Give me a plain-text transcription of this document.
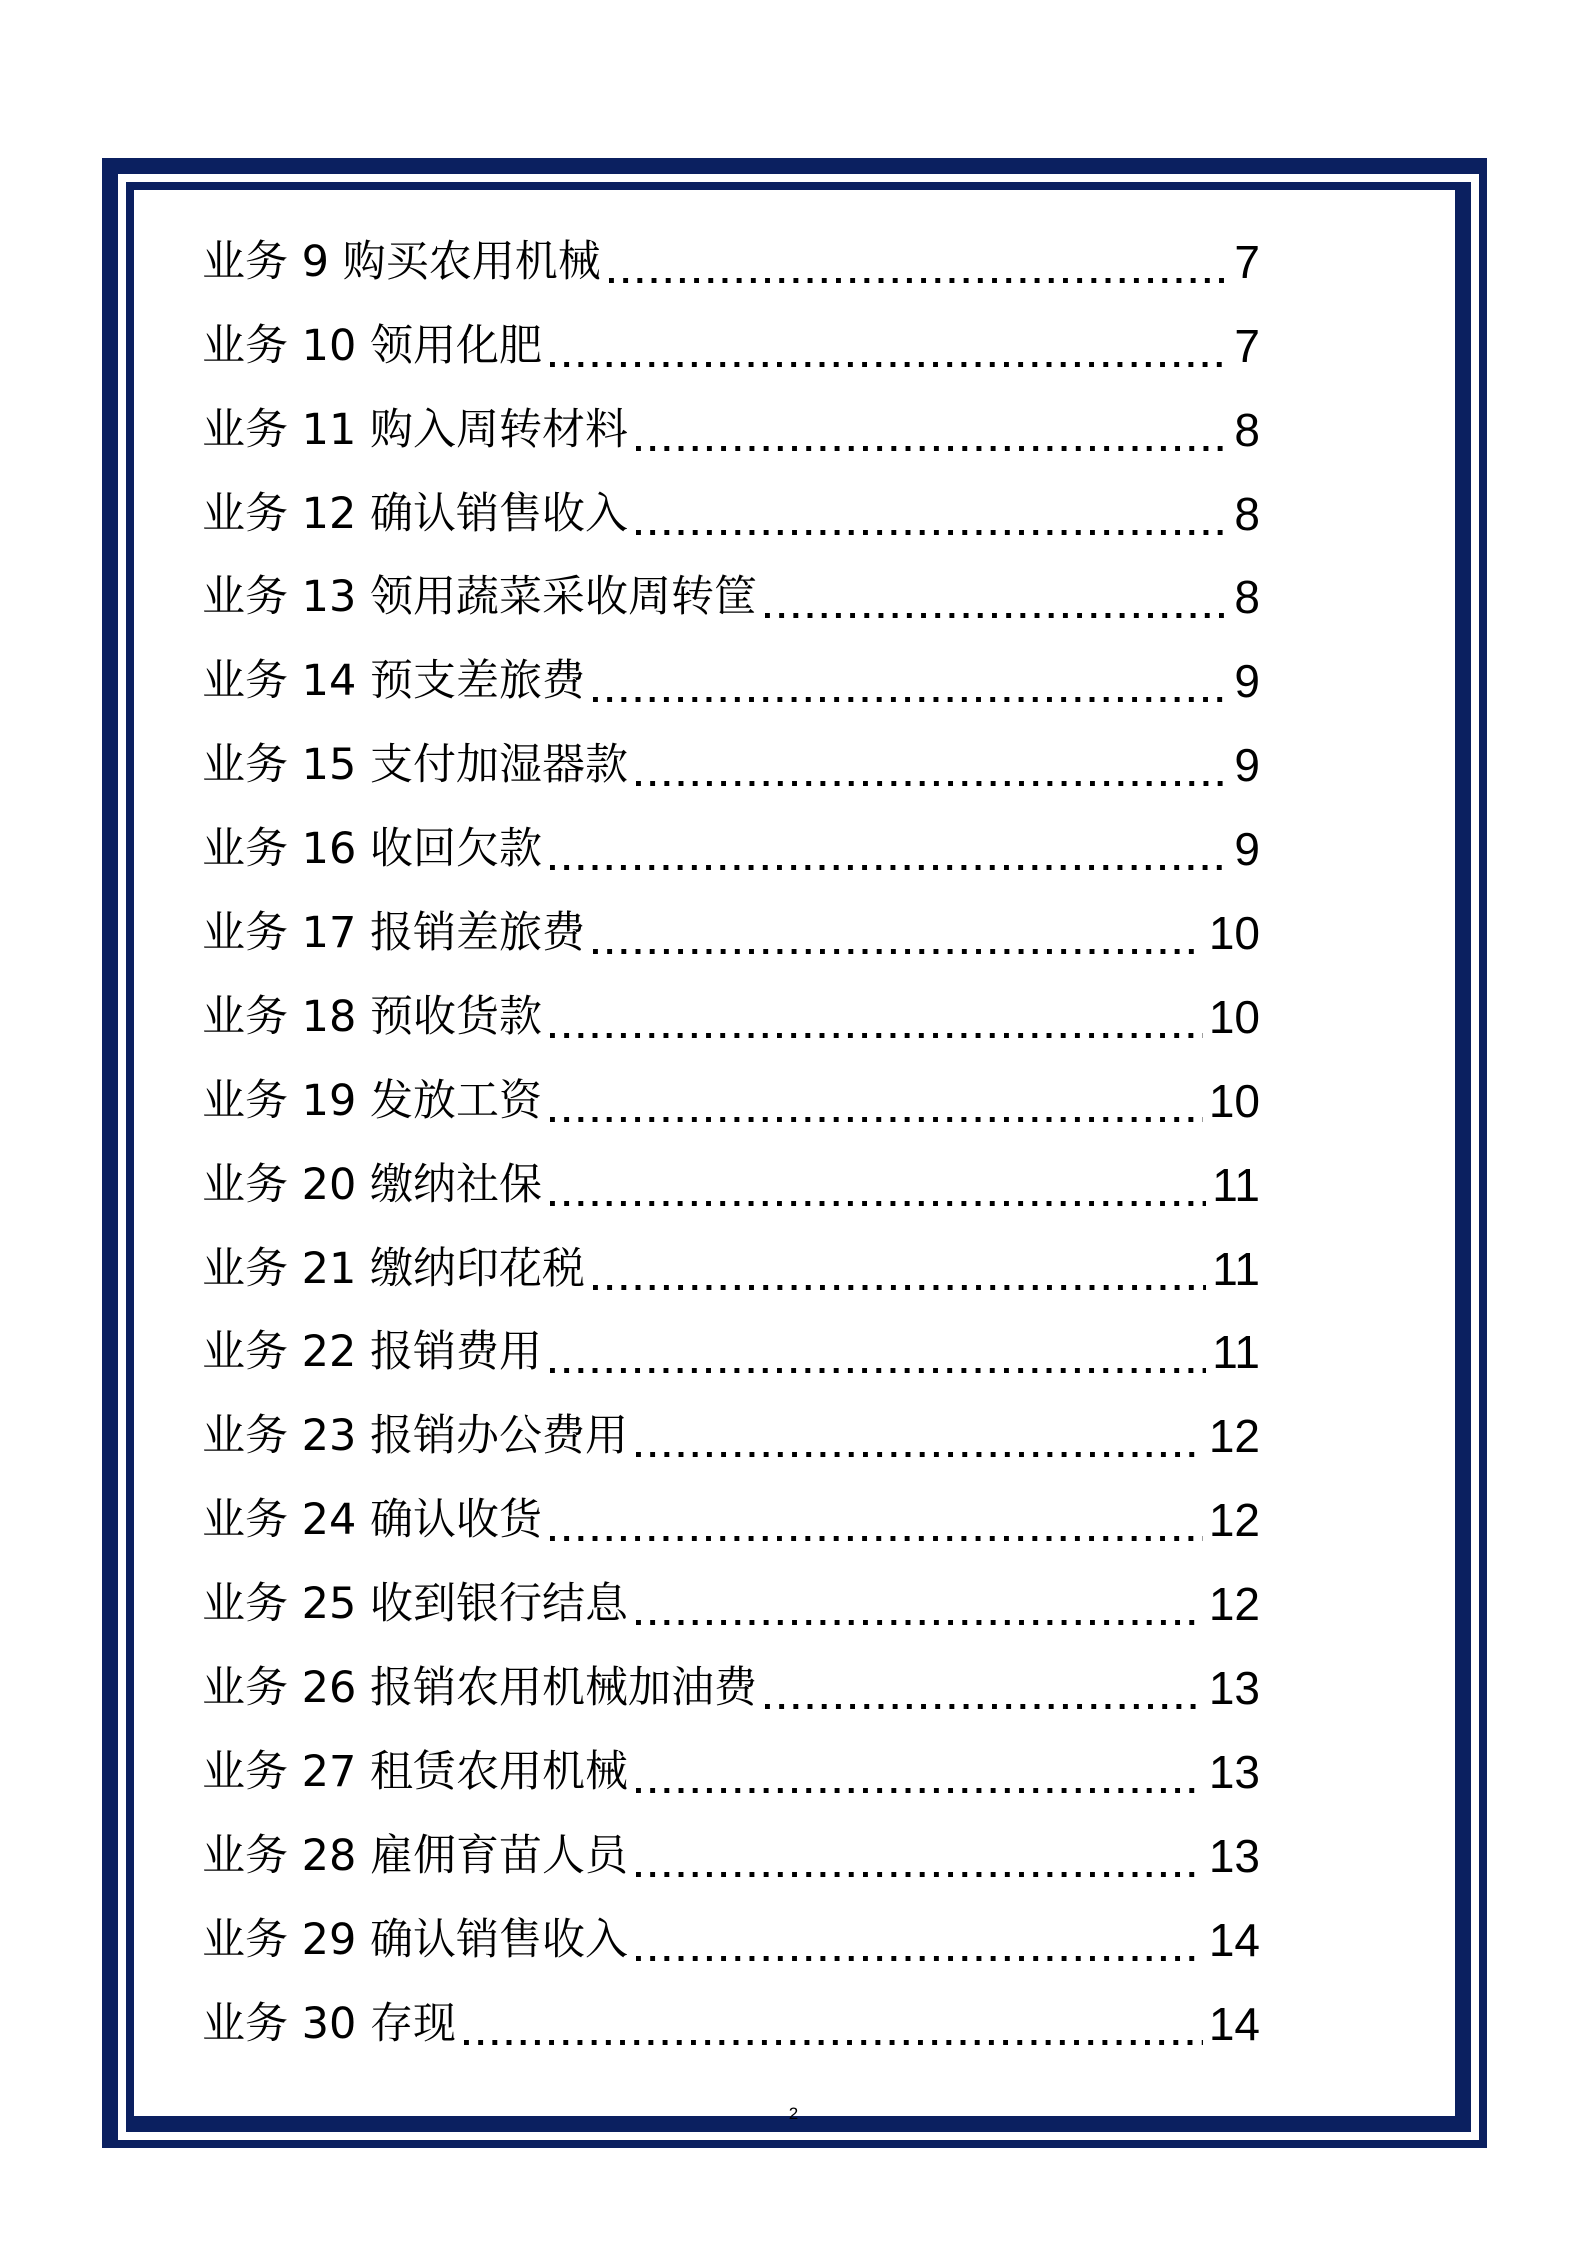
业务 9 购买农用机械	7
业务 10 领用化肥	7
业务 11 购入周转材料	8
业务 12 确认销售收入	8
业务 13 领用蔬菜采收周转筐	8
业务 14 预支差旅费	9
业务 15 支付加湿器款	9
业务 16 收回欠款	9
业务 17 报销差旅费	10
业务 18 预收货款	10
业务 19 发放工资	10
业务 20 缴纳社保	11
业务 21 缴纳印花税	11
业务 22 报销费用	11
业务 23 报销办公费用	12
业务 24 确认收货	12
业务 25 收到银行结息	12
业务 26 报销农用机械加油费	13
业务 27 租赁农用机械	13
业务 28 雇佣育苗人员	13
业务 29 确认销售收入	14
业务 30 存现	14
2
